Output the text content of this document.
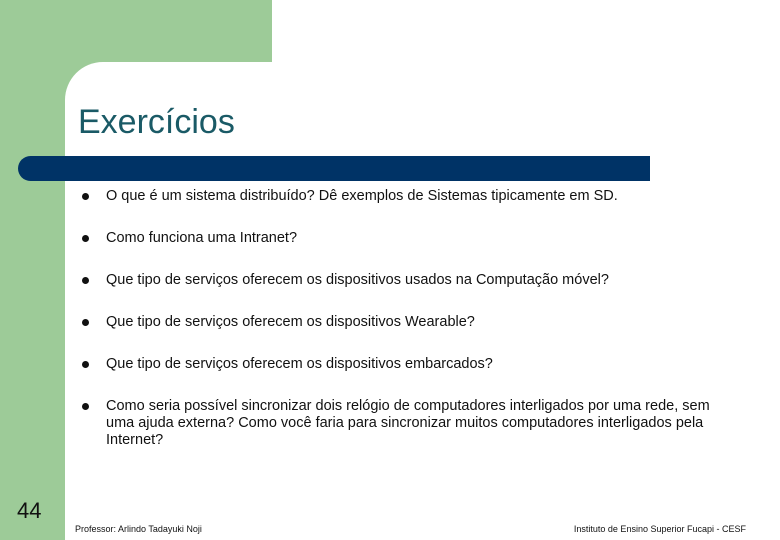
Exercícios
O que é um sistema distribuído? Dê exemplos de Sistemas tipicamente em SD.
Como funciona uma Intranet?
Que tipo de serviços oferecem os dispositivos usados na Computação móvel?
Que tipo de serviços oferecem os dispositivos Wearable?
Que tipo de serviços oferecem os dispositivos embarcados?
Como seria possível sincronizar dois relógio de computadores interligados por uma rede, sem uma ajuda externa? Como você faria para sincronizar muitos computadores interligados pela Internet?
44
Professor: Arlindo Tadayuki Noji	Instituto de Ensino Superior Fucapi - CESF
